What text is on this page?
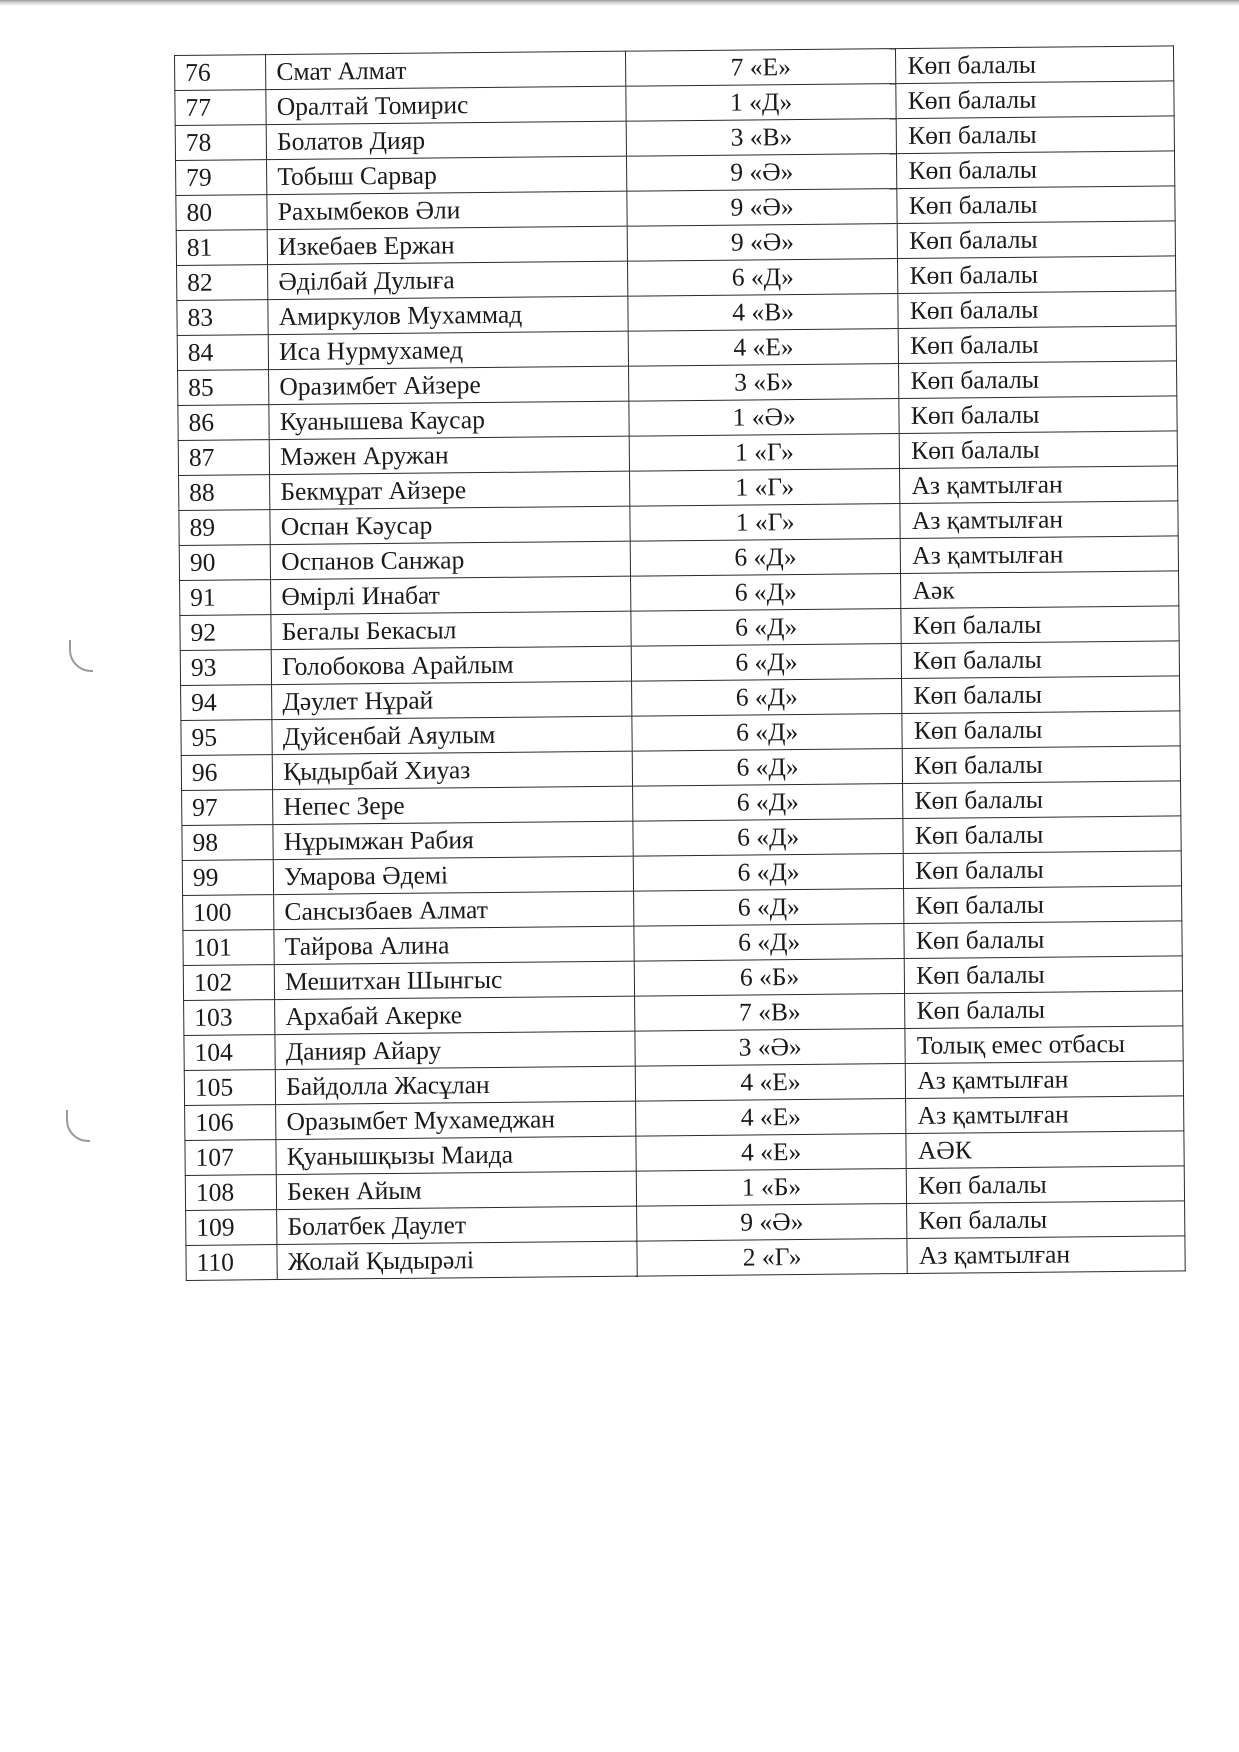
76	Смат Алмат	7 «Е»	Көп балалы
77	Оралтай Томирис	1 «Д»	Көп балалы
78	Болатов Дияр	3 «В»	Көп балалы
79	Тобыш Сарвар	9 «Ә»	Көп балалы
80	Рахымбеков Әли	9 «Ә»	Көп балалы
81	Изкебаев Ержан	9 «Ә»	Көп балалы
82	Әділбай Дулыға	6 «Д»	Көп балалы
83	Амиркулов Мухаммад	4 «В»	Көп балалы
84	Иса Нурмухамед	4 «Е»	Көп балалы
85	Оразимбет Айзере	3 «Б»	Көп балалы
86	Куанышева Каусар	1 «Ә»	Көп балалы
87	Мәжен Аружан	1 «Г»	Көп балалы
88	Бекмұрат Айзере	1 «Г»	Аз қамтылған
89	Оспан Кәусар	1 «Г»	Аз қамтылған
90	Оспанов Санжар	6 «Д»	Аз қамтылған
91	Өмірлі Инабат	6 «Д»	Аәк
92	Бегалы Бекасыл	6 «Д»	Көп балалы
93	Голобокова Арайлым	6 «Д»	Көп балалы
94	Дәулет Нұрай	6 «Д»	Көп балалы
95	Дуйсенбай Аяулым	6 «Д»	Көп балалы
96	Қыдырбай Хиуаз	6 «Д»	Көп балалы
97	Непес Зере	6 «Д»	Көп балалы
98	Нұрымжан Рабия	6 «Д»	Көп балалы
99	Умарова Әдемі	6 «Д»	Көп балалы
100	Сансызбаев Алмат	6 «Д»	Көп балалы
101	Тайрова Алина	6 «Д»	Көп балалы
102	Мешитхан Шынгыс	6 «Б»	Көп балалы
103	Архабай Акерке	7 «В»	Көп балалы
104	Данияр Айару	3 «Ә»	Толық емес отбасы
105	Байдолла Жасұлан	4 «Е»	Аз қамтылған
106	Оразымбет Мухамеджан	4 «Е»	Аз қамтылған
107	Қуанышқызы Маида	4 «Е»	АӘК
108	Бекен Айым	1 «Б»	Көп балалы
109	Болатбек Даулет	9 «Ә»	Көп балалы
110	Жолай Қыдырәлі	2 «Г»	Аз қамтылған
